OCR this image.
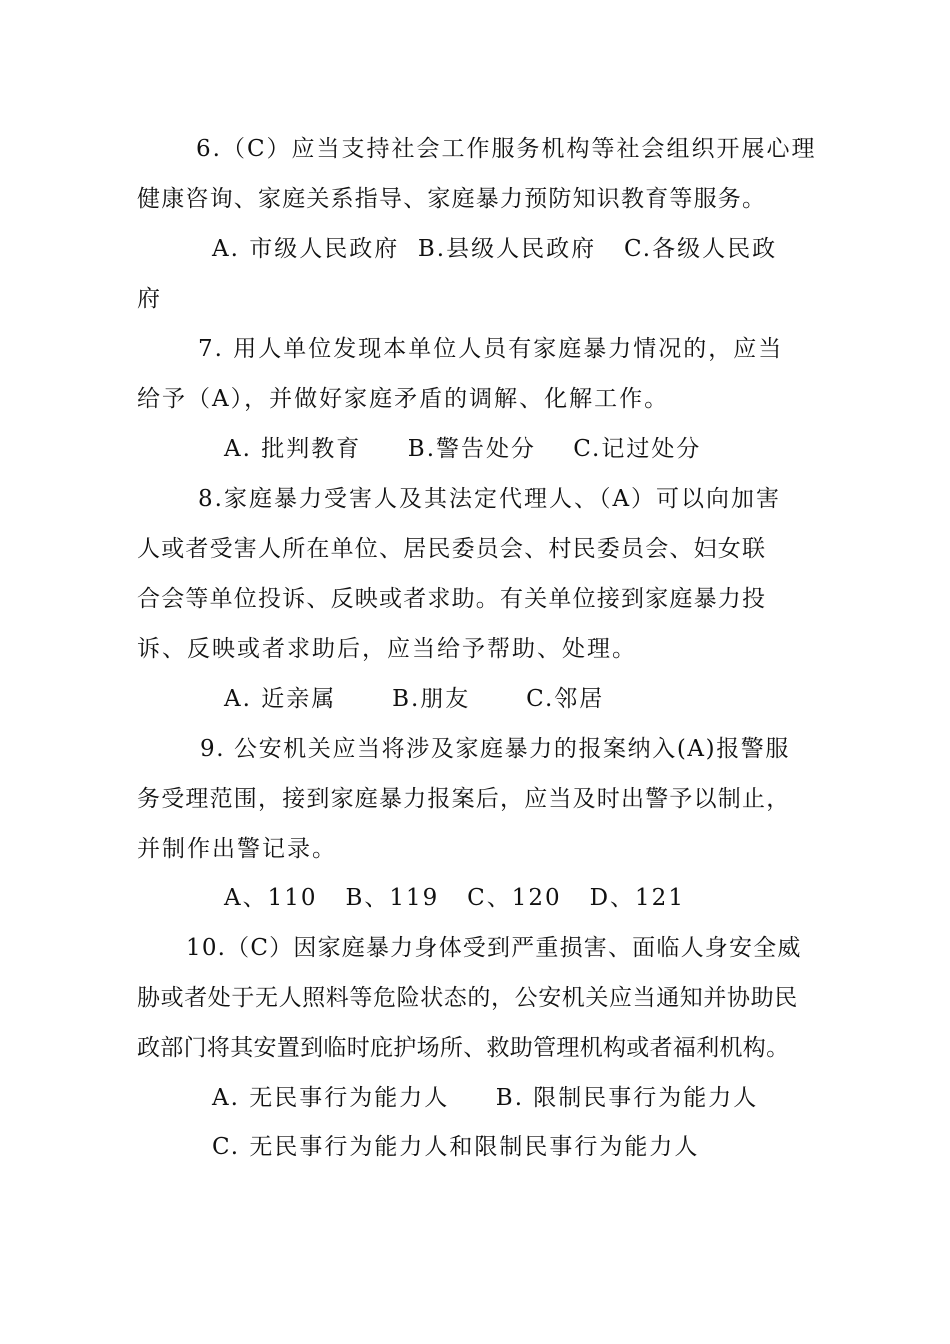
6.（C）应当支持社会工作服务机构等社会组织开展心理
健康咨询、家庭关系指导、家庭暴力预防知识教育等服务。
A. 市级人民政府  B.县级人民政府   C.各级人民政
府
7. 用人单位发现本单位人员有家庭暴力情况的，应当
给予（A），并做好家庭矛盾的调解、化解工作。
A. 批判教育     B.警告处分    C.记过处分
8.家庭暴力受害人及其法定代理人、（A）可以向加害
人或者受害人所在单位、居民委员会、村民委员会、妇女联
合会等单位投诉、反映或者求助。有关单位接到家庭暴力投
诉、反映或者求助后，应当给予帮助、处理。
A. 近亲属      B.朋友      C.邻居
9. 公安机关应当将涉及家庭暴力的报案纳入(A)报警服
务受理范围，接到家庭暴力报案后，应当及时出警予以制止，
并制作出警记录。
A、110   B、119   C、120   D、121
10.（C）因家庭暴力身体受到严重损害、面临人身安全威
胁或者处于无人照料等危险状态的，公安机关应当通知并协助民
政部门将其安置到临时庇护场所、救助管理机构或者福利机构。
A. 无民事行为能力人     B. 限制民事行为能力人
C. 无民事行为能力人和限制民事行为能力人
